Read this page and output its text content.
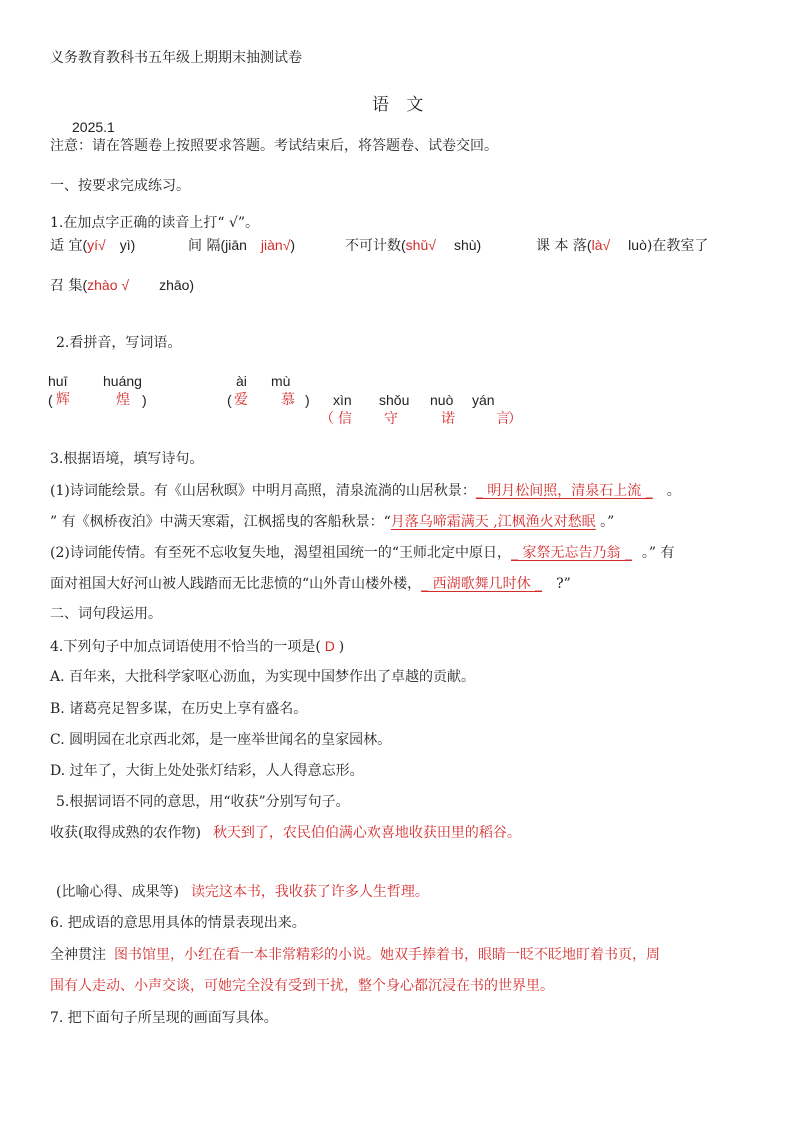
义务教育教科书五年级上期期末抽测试卷
语 文
2025.1
注意：请在答题卷上按照要求答题。考试结束后，将答题卷、试卷交回。
一、按要求完成练习。
1.在加点字正确的读音上打“ √”。
适 宜(yí√ yì)	间 隔(jiān jiàn√)	不可计数(shǔ√ shù)	课 本 落(là√ luò)在教室了
召 集(zhào √ zhāo)
2.看拼音，写词语。
huī	huáng
( 辉	煌 )
ài mù
( 爱 慕 ) xìn shǒu nuò yán
（ 信 守	诺	言
）
3.根据语境，填写诗句。
(1)诗词能绘景。有《山居秋暝》中明月高照，清泉流淌的山居秋景：_ 明月松间照，清泉石上流 _ 。
” 有《枫桥夜泊》中满天寒霜，江枫摇曳的客船秋景：“月落乌啼霜满天 ,江枫渔火对愁眠 。”
(2)诗词能传情。有至死不忘收复失地，渴望祖国统一的“王师北定中原日，_ 家祭无忘告乃翁 _ 。” 有
面对祖国大好河山被人践踏而无比悲愤的“山外青山楼外楼，_ 西湖歌舞几时休 _ ?”
二、词句段运用。
4.下列句子中加点词语使用不恰当的一项是( D )
A. 百年来，大批科学家呕心沥血，为实现中国梦作出了卓越的贡献。
B. 诸葛亮足智多谋，在历史上享有盛名。
C. 圆明园在北京西北郊，是一座举世闻名的皇家园林。
D. 过年了，大街上处处张灯结彩，人人得意忘形。
5.根据词语不同的意思，用“收获”分别写句子。
收获(取得成熟的农作物) 秋天到了，农民伯伯满心欢喜地收获田里的稻谷。
(比喻心得、成果等) 读完这本书，我收获了许多人生哲理。
6. 把成语的意思用具体的情景表现出来。
全神贯注 图书馆里，小红在看一本非常精彩的小说。她双手捧着书，眼睛一眨不眨地盯着书页，周
围有人走动、小声交谈，可她完全没有受到干扰，整个身心都沉浸在书的世界里。
7. 把下面句子所呈现的画面写具体。
